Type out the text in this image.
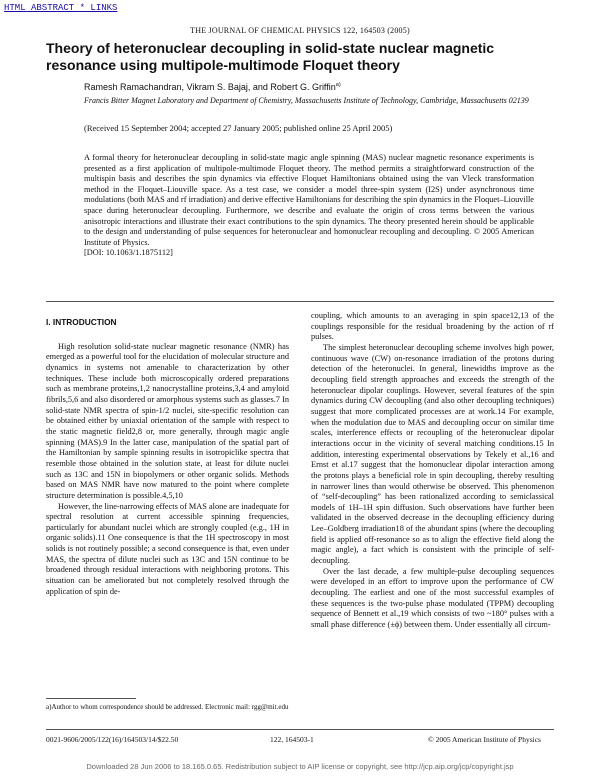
HTML ABSTRACT * LINKS
THE JOURNAL OF CHEMICAL PHYSICS 122, 164503 (2005)
Theory of heteronuclear decoupling in solid-state nuclear magnetic resonance using multipole-multimode Floquet theory
Ramesh Ramachandran, Vikram S. Bajaj, and Robert G. Griffin$^{a)}$
Francis Bitter Magnet Laboratory and Department of Chemistry, Massachusetts Institute of Technology, Cambridge, Massachusetts 02139
(Received 15 September 2004; accepted 27 January 2005; published online 25 April 2005)
A formal theory for heteronuclear decoupling in solid-state magic angle spinning (MAS) nuclear magnetic resonance experiments is presented as a first application of multipole-multimode Floquet theory. The method permits a straightforward construction of the multispin basis and describes the spin dynamics via effective Floquet Hamiltonians obtained using the van Vleck transformation method in the Floquet–Liouville space. As a test case, we consider a model three-spin system (I2S) under asynchronous time modulations (both MAS and rf irradiation) and derive effective Hamiltonians for describing the spin dynamics in the Floquet–Liouville space during heteronuclear decoupling. Furthermore, we describe and evaluate the origin of cross terms between the various anisotropic interactions and illustrate their exact contributions to the spin dynamics. The theory presented herein should be applicable to the design and understanding of pulse sequences for heteronuclear and homonuclear recoupling and decoupling. © 2005 American Institute of Physics.
[DOI: 10.1063/1.1875112]
I. INTRODUCTION

High resolution solid-state nuclear magnetic resonance (NMR) has emerged as a powerful tool for the elucidation of molecular structure and dynamics in systems not amenable to characterization by other techniques. These include both microscopically ordered preparations such as membrane proteins,1,2 nanocrystalline proteins,3,4 and amyloid fibrils,5,6 and also disordered or amorphous systems such as glasses.7 In solid-state NMR spectra of spin-1/2 nuclei, site-specific resolution can be obtained either by uniaxial orientation of the sample with respect to the static magnetic field2,8 or, more generally, through magic angle spinning (MAS).9 In the latter case, manipulation of the spatial part of the Hamiltonian by sample spinning results in isotropiclike spectra that resemble those obtained in the solution state, at least for dilute nuclei such as 13C and 15N in biopolymers or other organic solids. Methods based on MAS NMR have now matured to the point where complete structure determination is possible.4,5,10

However, the line-narrowing effects of MAS alone are inadequate for spectral resolution at current accessible spinning frequencies, particularly for abundant nuclei which are strongly coupled (e.g., 1H in organic solids).11 One consequence is that the 1H spectroscopy in most solids is not routinely possible; a second consequence is that, even under MAS, the spectra of dilute nuclei such as 13C and 15N continue to be broadened through residual interactions with neighboring protons. This situation can be ameliorated but not completely resolved through the application of spin de-

coupling, which amounts to an averaging in spin space12,13 of the couplings responsible for the residual broadening by the action of rf pulses.

The simplest heteronuclear decoupling scheme involves high power, continuous wave (CW) on-resonance irradiation of the protons during detection of the heteronuclei. In general, linewidths improve as the decoupling field strength approaches and exceeds the strength of the heteronuclear dipolar couplings. However, several features of the spin dynamics during CW decoupling (and also other decoupling techniques) suggest that more complicated processes are at work.14 For example, when the modulation due to MAS and decoupling occur on similar time scales, interference effects or recoupling of the heteronuclear dipolar interactions occur in the vicinity of several matching conditions.15 In addition, interesting experimental observations by Tekely et al.,16 and Ernst et al.17 suggest that the homonuclear dipolar interaction among the protons plays a beneficial role in spin decoupling, thereby resulting in narrower lines than would otherwise be observed. This phenomenon of “self-decoupling” has been rationalized according to semiclassical models of 1H–1H spin diffusion. Such observations have further been validated in the observed decrease in the decoupling efficiency during Lee–Goldberg irradiation18 of the abundant spins (where the decoupling field is applied off-resonance so as to align the effective field along the magic angle), a fact which is consistent with the principle of self-decoupling.

Over the last decade, a few multiple-pulse decoupling sequences were developed in an effort to improve upon the performance of CW decoupling. The earliest and one of the most successful examples of these sequences is the two-pulse phase modulated (TPPM) decoupling sequence of Bennett et al.,19 which consists of two ~180° pulses with a small phase difference (±ϕ) between them. Under essentially all circum-

a)Author to whom correspondence should be addressed. Electronic mail: rgg@mit.edu
0021-9606/2005/122(16)/164503/14/$22.50	122, 164503-1	© 2005 American Institute of Physics
Downloaded 28 Jun 2006 to 18.165.0.65. Redistribution subject to AIP license or copyright, see http://jcp.aip.org/jcp/copyright.jsp
